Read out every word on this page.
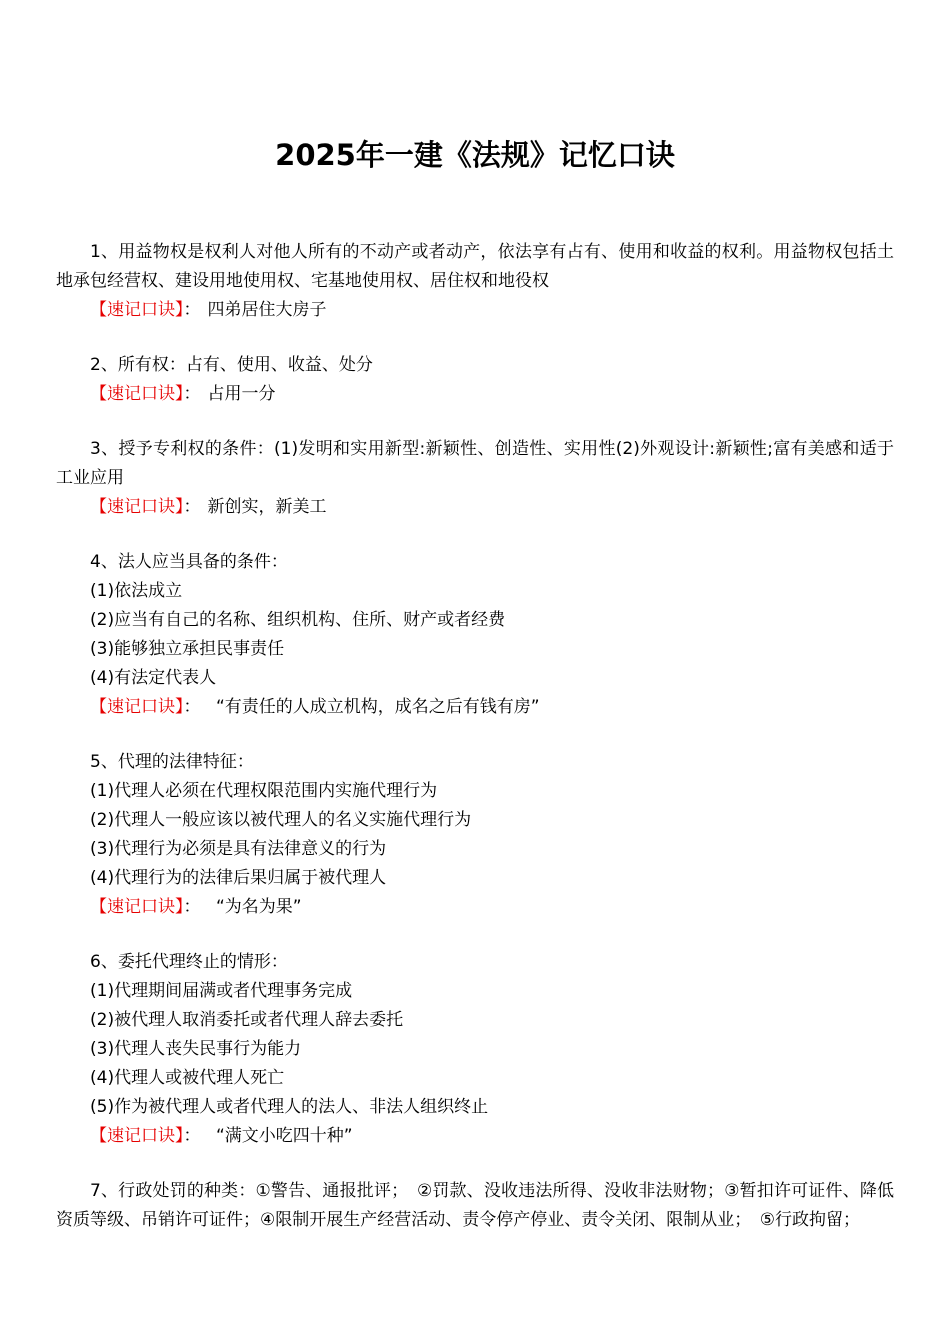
2025年一建《法规》记忆口诀

1、用益物权是权利人对他人所有的不动产或者动产，依法享有占有、使用和收益的权利。用益物权包括土地承包经营权、建设用地使用权、宅基地使用权、居住权和地役权

【速记口诀】： 四弟居住大房子

2、所有权：占有、使用、收益、处分

【速记口诀】： 占用一分

3、授予专利权的条件：(1)发明和实用新型:新颖性、创造性、实用性(2)外观设计:新颖性;富有美感和适于工业应用

【速记口诀】： 新创实，新美工

4、法人应当具备的条件：

(1)依法成立

(2)应当有自己的名称、组织机构、住所、财产或者经费

(3)能够独立承担民事责任

(4)有法定代表人

【速记口诀】：　“有责任的人成立机构，成名之后有钱有房”

5、代理的法律特征：

(1)代理人必须在代理权限范围内实施代理行为

(2)代理人一般应该以被代理人的名义实施代理行为

(3)代理行为必须是具有法律意义的行为

(4)代理行为的法律后果归属于被代理人

【速记口诀】：　“为名为果”

6、委托代理终止的情形：

(1)代理期间届满或者代理事务完成

(2)被代理人取消委托或者代理人辞去委托

(3)代理人丧失民事行为能力

(4)代理人或被代理人死亡

(5)作为被代理人或者代理人的法人、非法人组织终止

【速记口诀】：　“满文小吃四十种”

7、行政处罚的种类：①警告、通报批评；　②罚款、没收违法所得、没收非法财物；③暂扣许可证件、降低资质等级、吊销许可证件；④限制开展生产经营活动、责令停产停业、责令关闭、限制从业；　⑤行政拘留；
